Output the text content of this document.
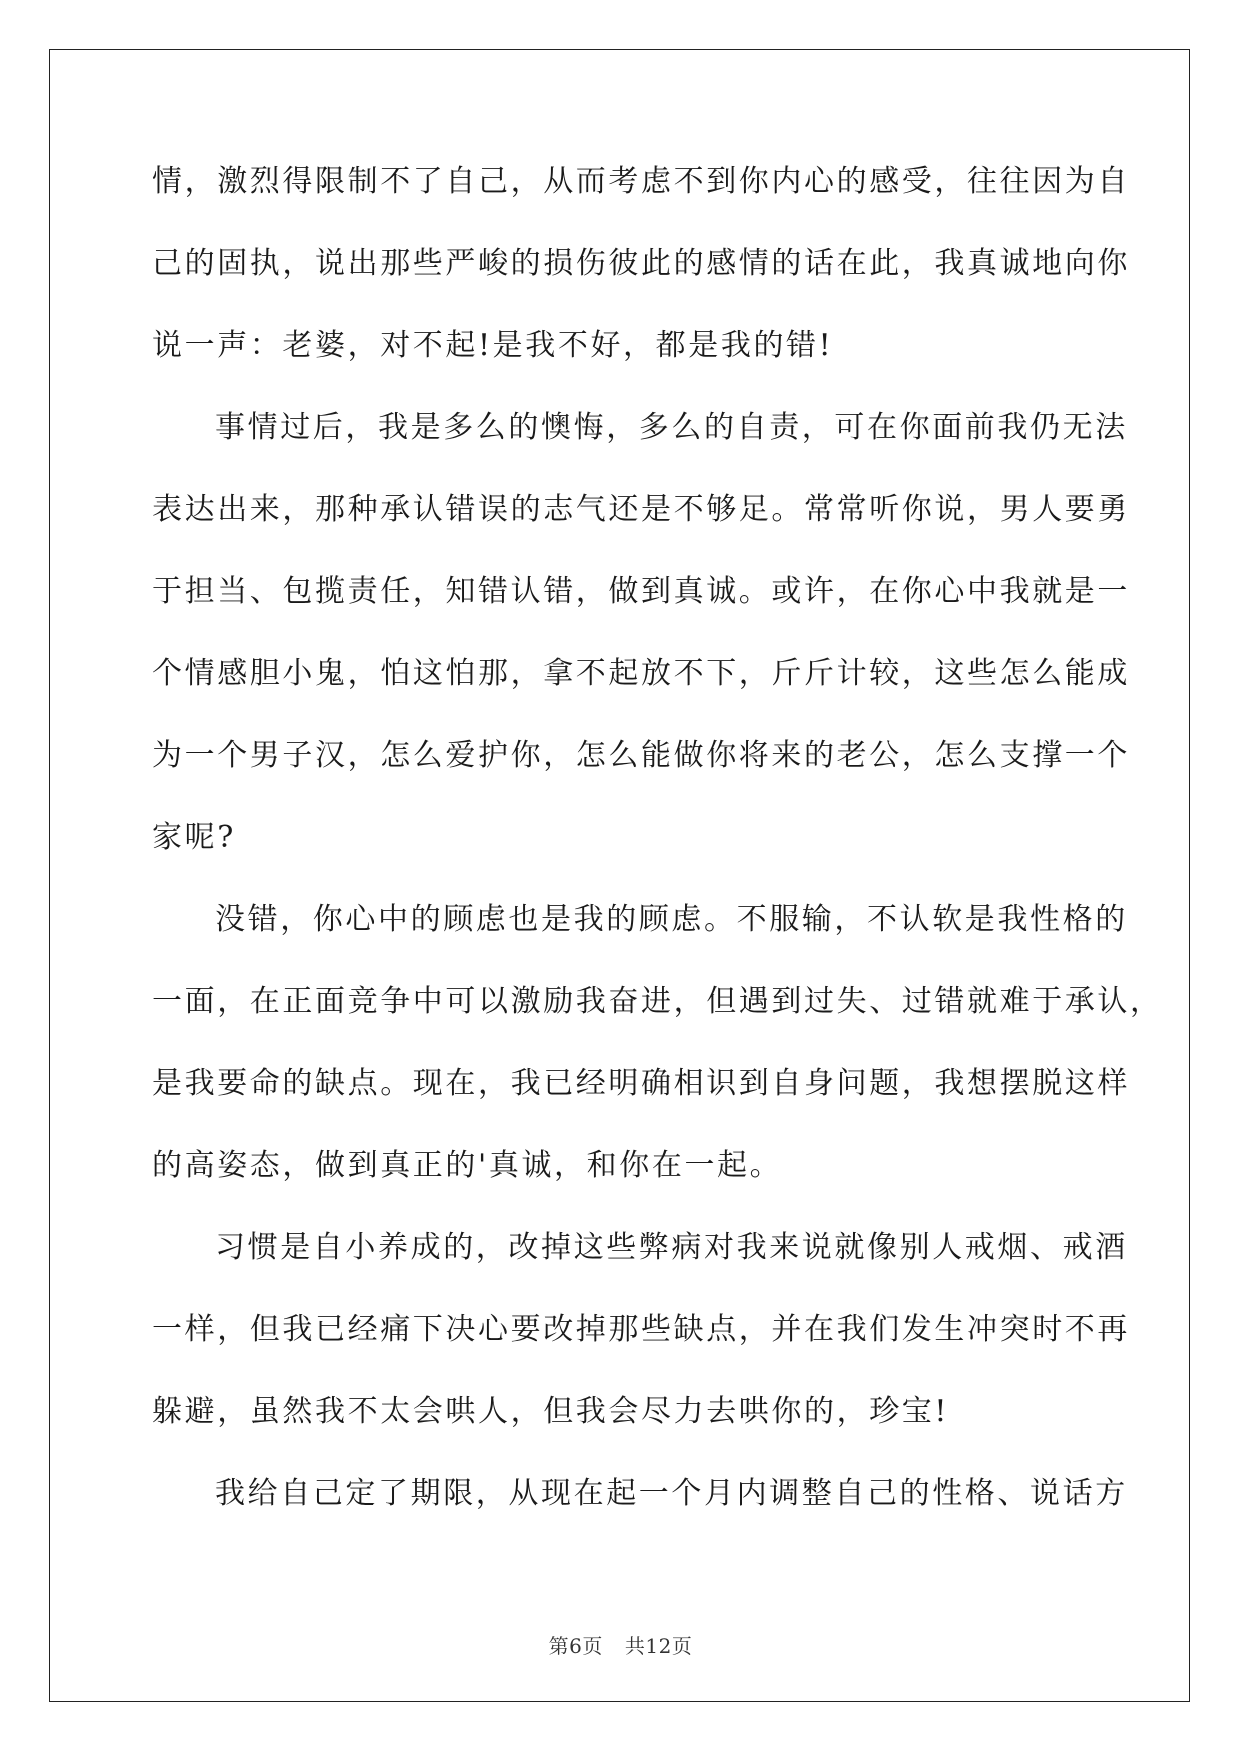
情，激烈得限制不了自己，从而考虑不到你内心的感受，往往因为自
己的固执，说出那些严峻的损伤彼此的感情的话在此，我真诚地向你
说一声：老婆，对不起!是我不好，都是我的错!
事情过后，我是多么的懊悔，多么的自责，可在你面前我仍无法
表达出来，那种承认错误的志气还是不够足。常常听你说，男人要勇
于担当、包揽责任，知错认错，做到真诚。或许，在你心中我就是一
个情感胆小鬼，怕这怕那，拿不起放不下，斤斤计较，这些怎么能成
为一个男子汉，怎么爱护你，怎么能做你将来的老公，怎么支撑一个
家呢?
没错，你心中的顾虑也是我的顾虑。不服输，不认软是我性格的
一面，在正面竞争中可以激励我奋进，但遇到过失、过错就难于承认，
是我要命的缺点。现在，我已经明确相识到自身问题，我想摆脱这样
的高姿态，做到真正的'真诚，和你在一起。
习惯是自小养成的，改掉这些弊病对我来说就像别人戒烟、戒酒
一样，但我已经痛下决心要改掉那些缺点，并在我们发生冲突时不再
躲避，虽然我不太会哄人，但我会尽力去哄你的，珍宝!
我给自己定了期限，从现在起一个月内调整自己的性格、说话方
第6页 共12页
